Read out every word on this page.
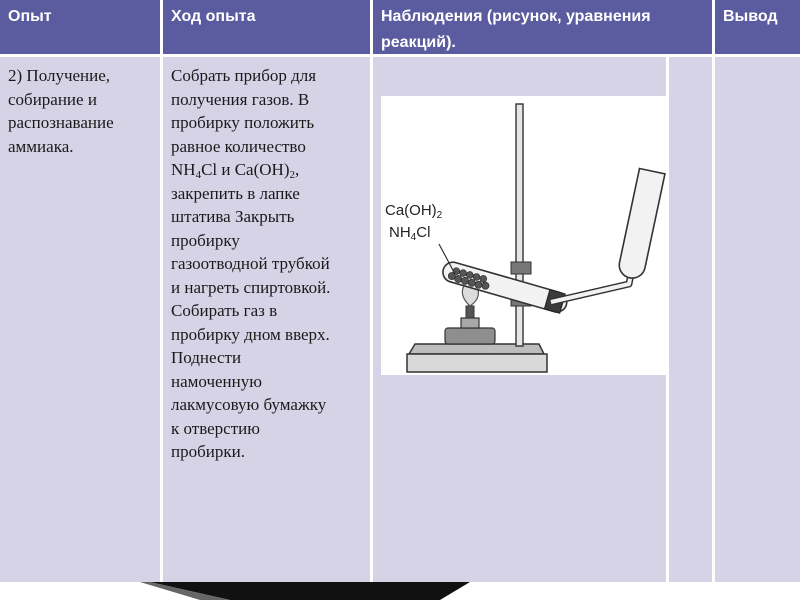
Опыт	Ход опыта	Наблюдения (рисунок, уравнения реакций).
Вывод
2) Получение, собирание и распознавание аммиака.
Собрать прибор для
получения газов. В
пробирку положить
равное количество
$NH_4Cl$ и $Ca(OH)_2$,
закрепить в лапке
штатива Закрыть
пробирку
газоотводной трубкой
и нагреть спиртовкой.
Собирать газ в
пробирку дном вверх.
Поднести
намоченную
лакмусовую бумажку
к отверстию
пробирки.
$Ca(OH)_2$
$NH_4Cl$
